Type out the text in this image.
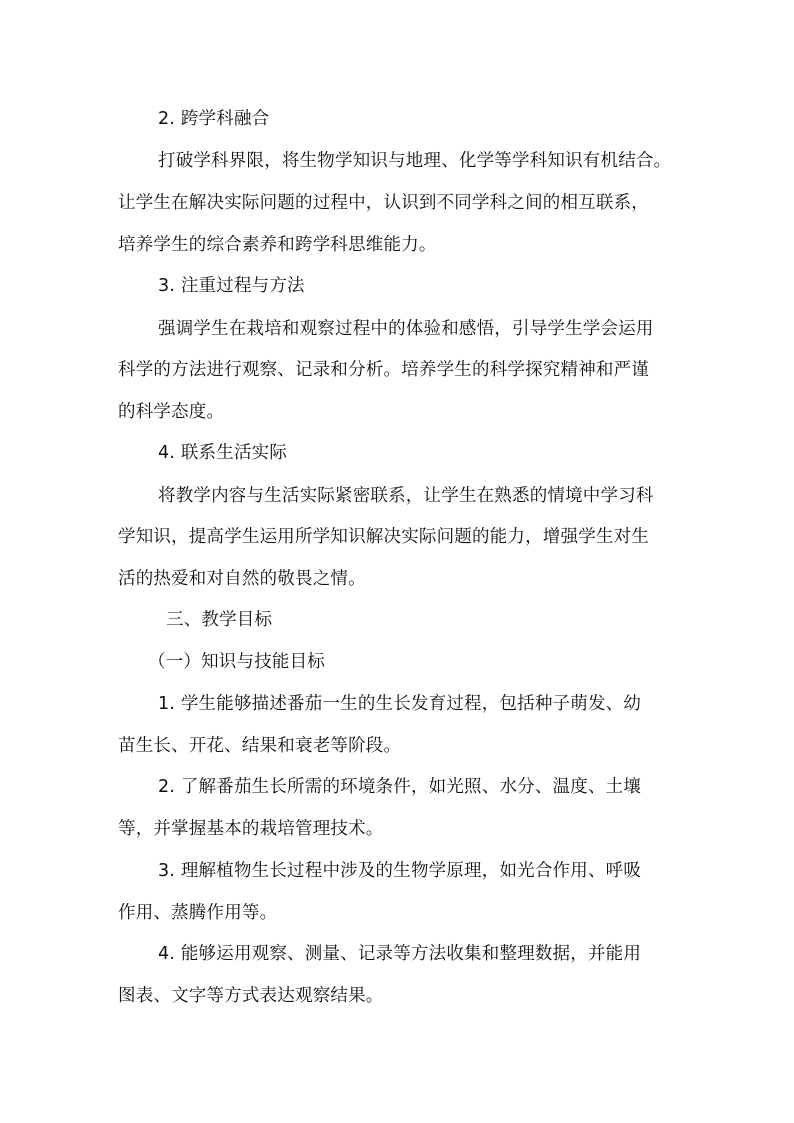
2. 跨学科融合
打破学科界限，将生物学知识与地理、化学等学科知识有机结合。
让学生在解决实际问题的过程中，认识到不同学科之间的相互联系，
培养学生的综合素养和跨学科思维能力。
3. 注重过程与方法
强调学生在栽培和观察过程中的体验和感悟，引导学生学会运用
科学的方法进行观察、记录和分析。培养学生的科学探究精神和严谨
的科学态度。
4. 联系生活实际
将教学内容与生活实际紧密联系，让学生在熟悉的情境中学习科
学知识，提高学生运用所学知识解决实际问题的能力，增强学生对生
活的热爱和对自然的敬畏之情。
三、教学目标
（一）知识与技能目标
1. 学生能够描述番茄一生的生长发育过程，包括种子萌发、幼
苗生长、开花、结果和衰老等阶段。
2. 了解番茄生长所需的环境条件，如光照、水分、温度、土壤
等，并掌握基本的栽培管理技术。
3. 理解植物生长过程中涉及的生物学原理，如光合作用、呼吸
作用、蒸腾作用等。
4. 能够运用观察、测量、记录等方法收集和整理数据，并能用
图表、文字等方式表达观察结果。
